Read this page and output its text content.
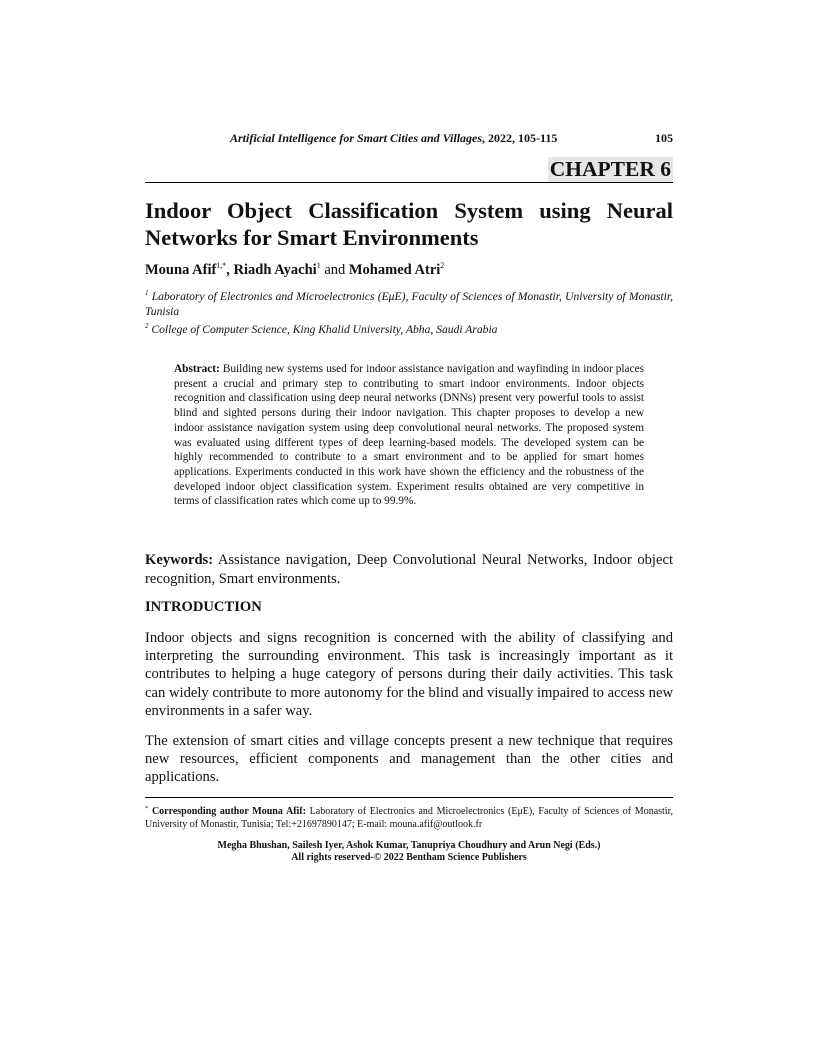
Artificial Intelligence for Smart Cities and Villages, 2022, 105-115	105
CHAPTER 6
Indoor Object Classification System using Neural Networks for Smart Environments
Mouna Afif$^{1,*}$, Riadh Ayachi$^1$ and Mohamed Atri$^2$
$^1$ Laboratory of Electronics and Microelectronics (EμE), Faculty of Sciences of Monastir, University of Monastir, Tunisia
$^2$ College of Computer Science, King Khalid University, Abha, Saudi Arabia
Abstract: Building new systems used for indoor assistance navigation and wayfinding in indoor places present a crucial and primary step to contributing to smart indoor environments. Indoor objects recognition and classification using deep neural networks (DNNs) present very powerful tools to assist blind and sighted persons during their indoor navigation. This chapter proposes to develop a new indoor assistance navigation system using deep convolutional neural networks. The proposed system was evaluated using different types of deep learning-based models. The developed system can be highly recommended to contribute to a smart environment and to be applied for smart homes applications. Experiments conducted in this work have shown the efficiency and the robustness of the developed indoor object classification system. Experiment results obtained are very competitive in terms of classification rates which come up to 99.9%.
Keywords: Assistance navigation, Deep Convolutional Neural Networks, Indoor object recognition, Smart environments.
INTRODUCTION

Indoor objects and signs recognition is concerned with the ability of classifying and interpreting the surrounding environment. This task is increasingly important as it contributes to helping a huge category of persons during their daily activities. This task can widely contribute to more autonomy for the blind and visually impaired to access new environments in a safer way.

The extension of smart cities and village concepts present a new technique that requires new resources, efficient components and management than the other cities and applications.

* Corresponding author Mouna Afif: Laboratory of Electronics and Microelectronics (EμE), Faculty of Sciences of Monastir, University of Monastir, Tunisia; Tel:+21697890147; E-mail: mouna.afif@outlook.fr
Megha Bhushan, Sailesh Iyer, Ashok Kumar, Tanupriya Choudhury and Arun Negi (Eds.)
All rights reserved-© 2022 Bentham Science Publishers
